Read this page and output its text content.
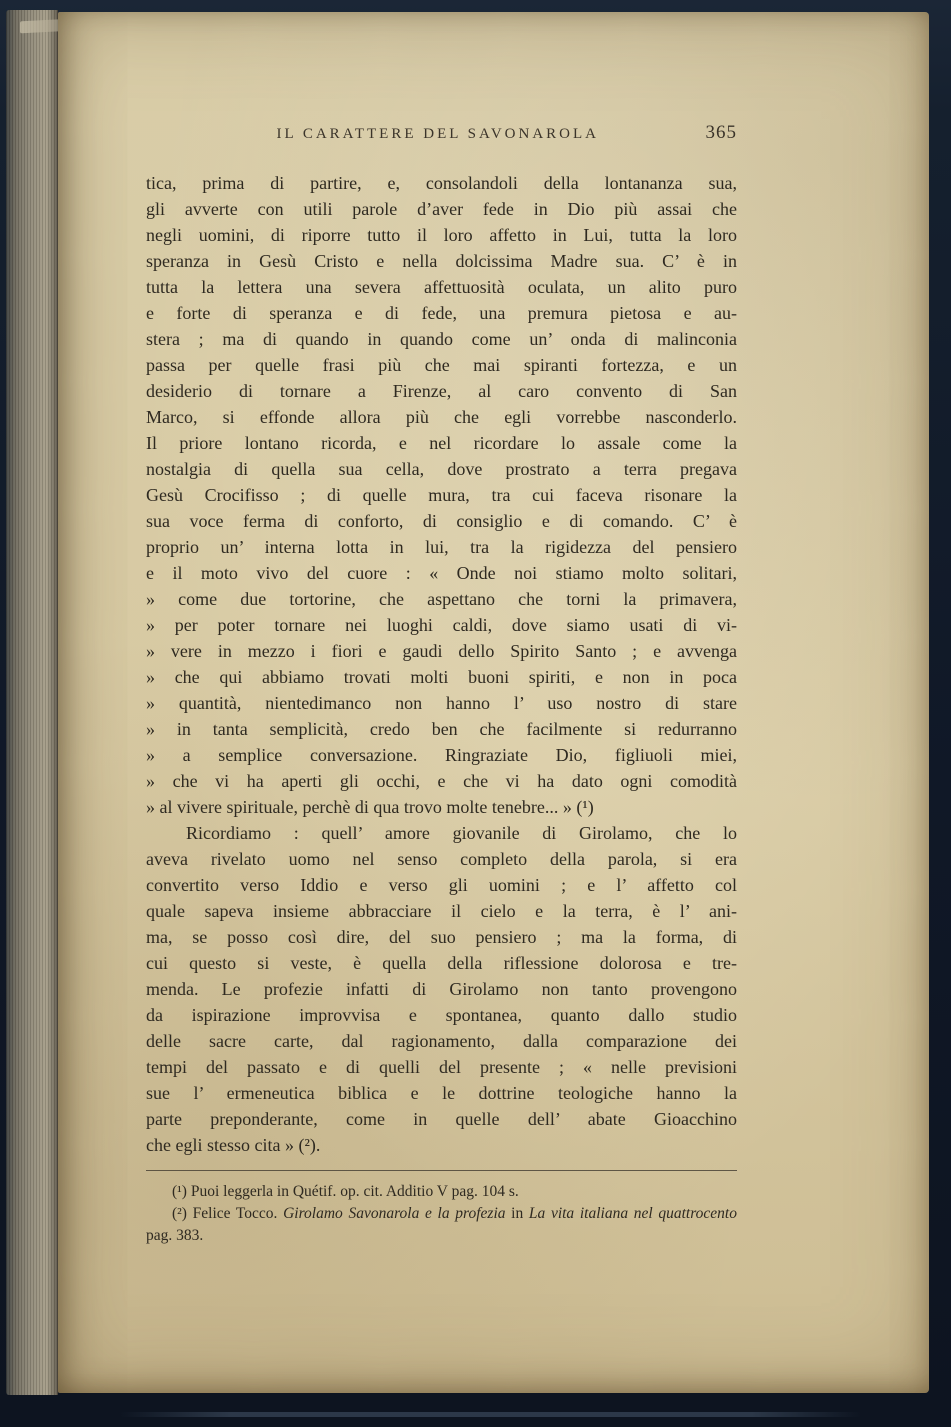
IL CARATTERE DEL SAVONAROLA	365
tica, prima di partire, e, consolandoli della lontananza sua,
gli avverte con utili parole d’aver fede in Dio più assai che
negli uomini, di riporre tutto il loro affetto in Lui, tutta la loro
speranza in Gesù Cristo e nella dolcissima Madre sua. C’ è in
tutta la lettera una severa affettuosità oculata, un alito puro
e forte di speranza e di fede, una premura pietosa e au-
stera ; ma di quando in quando come un’ onda di malinconia
passa per quelle frasi più che mai spiranti fortezza, e un
desiderio di tornare a Firenze, al caro convento di San
Marco, si effonde allora più che egli vorrebbe nasconderlo.
Il priore lontano ricorda, e nel ricordare lo assale come la
nostalgia di quella sua cella, dove prostrato a terra pregava
Gesù Crocifisso ; di quelle mura, tra cui faceva risonare la
sua voce ferma di conforto, di consiglio e di comando. C’ è
proprio un’ interna lotta in lui, tra la rigidezza del pensiero
e il moto vivo del cuore : « Onde noi stiamo molto solitari,
» come due tortorine, che aspettano che torni la primavera,
» per poter tornare nei luoghi caldi, dove siamo usati di vi-
» vere in mezzo i fiori e gaudi dello Spirito Santo ; e avvenga
» che qui abbiamo trovati molti buoni spiriti, e non in poca
» quantità, nientedimanco non hanno l’ uso nostro di stare
» in tanta semplicità, credo ben che facilmente si redurranno
» a semplice conversazione. Ringraziate Dio, figliuoli miei,
» che vi ha aperti gli occhi, e che vi ha dato ogni comodità
» al vivere spirituale, perchè di qua trovo molte tenebre... » (¹)
Ricordiamo : quell’ amore giovanile di Girolamo, che lo
aveva rivelato uomo nel senso completo della parola, si era
convertito verso Iddio e verso gli uomini ; e l’ affetto col
quale sapeva insieme abbracciare il cielo e la terra, è l’ ani-
ma, se posso così dire, del suo pensiero ; ma la forma, di
cui questo si veste, è quella della riflessione dolorosa e tre-
menda. Le profezie infatti di Girolamo non tanto provengono
da ispirazione improvvisa e spontanea, quanto dallo studio
delle sacre carte, dal ragionamento, dalla comparazione dei
tempi del passato e di quelli del presente ; « nelle previsioni
sue l’ ermeneutica biblica e le dottrine teologiche hanno la
parte preponderante, come in quelle dell’ abate Gioacchino
che egli stesso cita » (²).

(¹) Puoi leggerla in Quétif. op. cit. Additio V pag. 104 s.

(²) Felice Tocco. Girolamo Savonarola e la profezia in La vita italiana nel quattrocento pag. 383.
